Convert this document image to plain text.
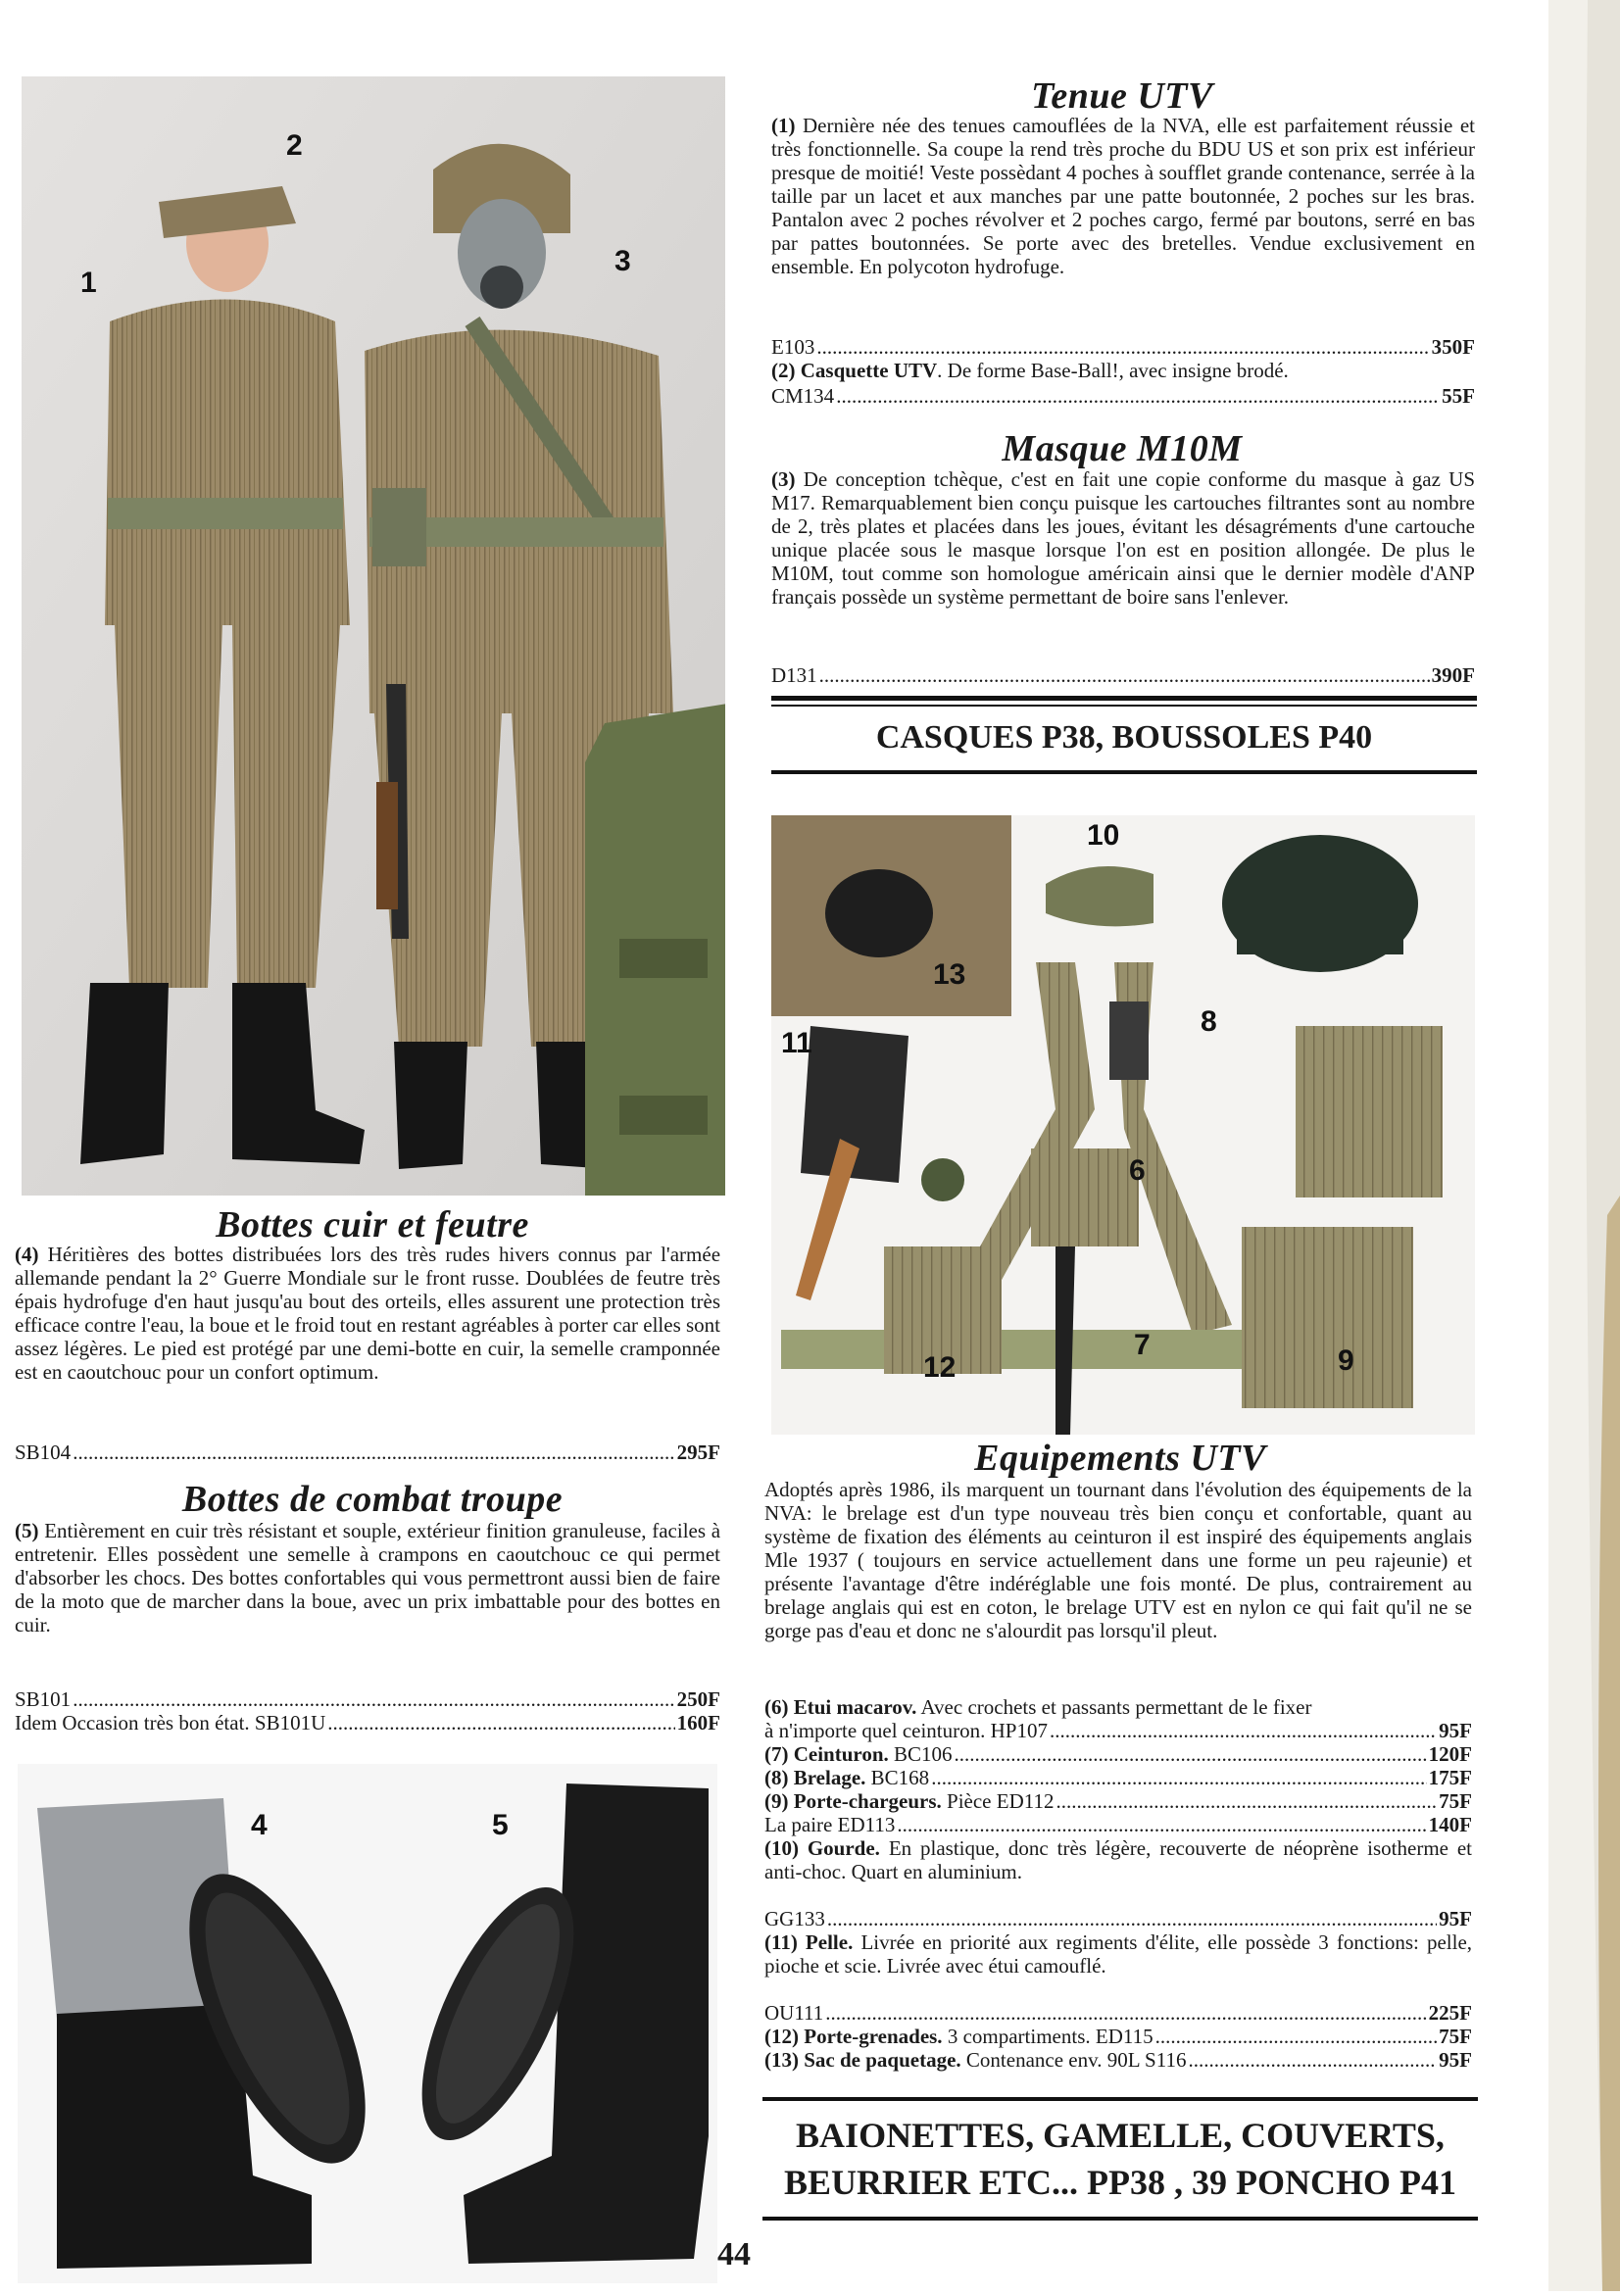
2
1
3
Tenue UTV
(1) Dernière née des tenues camouflées de la NVA, elle est parfaitement réussie et très fonctionnelle. Sa coupe la rend très proche du BDU US et son prix est inférieur presque de moitié! Veste possèdant 4 poches à soufflet grande contenance, serrée à la taille par un lacet et aux manches par une patte boutonnée, 2 poches sur les bras. Pantalon avec 2 poches révolver et 2 poches cargo, fermé par boutons, serré en bas par pattes boutonnées. Se porte avec des bretelles. Vendue exclusivement en ensemble. En polycoton hydrofuge.
E103 .....	350F
(2) Casquette UTV. De forme Base-Ball!, avec insigne brodé.
CM134 .....	55F
Masque M10M
(3) De conception tchèque, c'est en fait une copie conforme du masque à gaz US M17. Remarquablement bien conçu puisque les cartouches filtrantes sont au nombre de 2, très plates et placées dans les joues, évitant les désagréments d'une cartouche unique placée sous le masque lorsque l'on est en position allongée. De plus le M10M, tout comme son homologue américain ainsi que le dernier modèle d'ANP français possède un système permettant de boire sans l'enlever.
D131 .....	390F
CASQUES P38, BOUSSOLES P40
10
13
11
8
6
7
12	9
Bottes cuir et feutre
(4) Héritières des bottes distribuées lors des très rudes hivers connus par l'armée allemande pendant la 2° Guerre Mondiale sur le front russe. Doublées de feutre très épais hydrofuge d'en haut jusqu'au bout des orteils, elles assurent une protection très efficace contre l'eau, la boue et le froid tout en restant agréables à porter car elles sont assez légères. Le pied est protégé par une demi-botte en cuir, la semelle cramponnée est en caoutchouc pour un confort optimum.
SB104 .....	295F
Bottes de combat troupe
(5) Entièrement en cuir très résistant et souple, extérieur finition granuleuse, faciles à entretenir. Elles possèdent une semelle à crampons en caoutchouc ce qui permet d'absorber les chocs. Des bottes confortables qui vous permettront aussi bien de faire de la moto que de marcher dans la boue, avec un prix imbattable pour des bottes en cuir.
SB101 .....	250F
Idem Occasion très bon état. SB101U .....	160F
4	5
Equipements UTV
Adoptés après 1986, ils marquent un tournant dans l'évolution des équipements de la NVA: le brelage est d'un type nouveau très bien conçu et confortable, quant au système de fixation des éléments au ceinturon il est inspiré des équipements anglais Mle 1937 ( toujours en service actuellement dans une forme un peu rajeunie) et présente l'avantage d'être indéréglable une fois monté. De plus, contrairement au brelage anglais qui est en coton, le brelage UTV est en nylon ce qui fait qu'il ne se gorge pas d'eau et donc ne s'alourdit pas lorsqu'il pleut.
(6) Etui macarov. Avec crochets et passants permettant de le fixer
à n'importe quel ceinturon. HP107 .....	95F
(7) Ceinturon. BC106 .....	120F
(8) Brelage. BC168 .....	175F
(9) Porte-chargeurs. Pièce ED112 .....	75F
La paire ED113 .....	140F
(10) Gourde. En plastique, donc très légère, recouverte de néoprène isotherme et anti-choc. Quart en aluminium.
GG133 .....	95F
(11) Pelle. Livrée en priorité aux regiments d'élite, elle possède 3 fonctions: pelle, pioche et scie. Livrée avec étui camouflé.
OU111 .....	225F
(12) Porte-grenades. 3 compartiments. ED115 .....	75F
(13) Sac de paquetage. Contenance env. 90L S116 .....	95F
BAIONETTES, GAMELLE, COUVERTS,
BEURRIER ETC... PP38 , 39 PONCHO P41
44
